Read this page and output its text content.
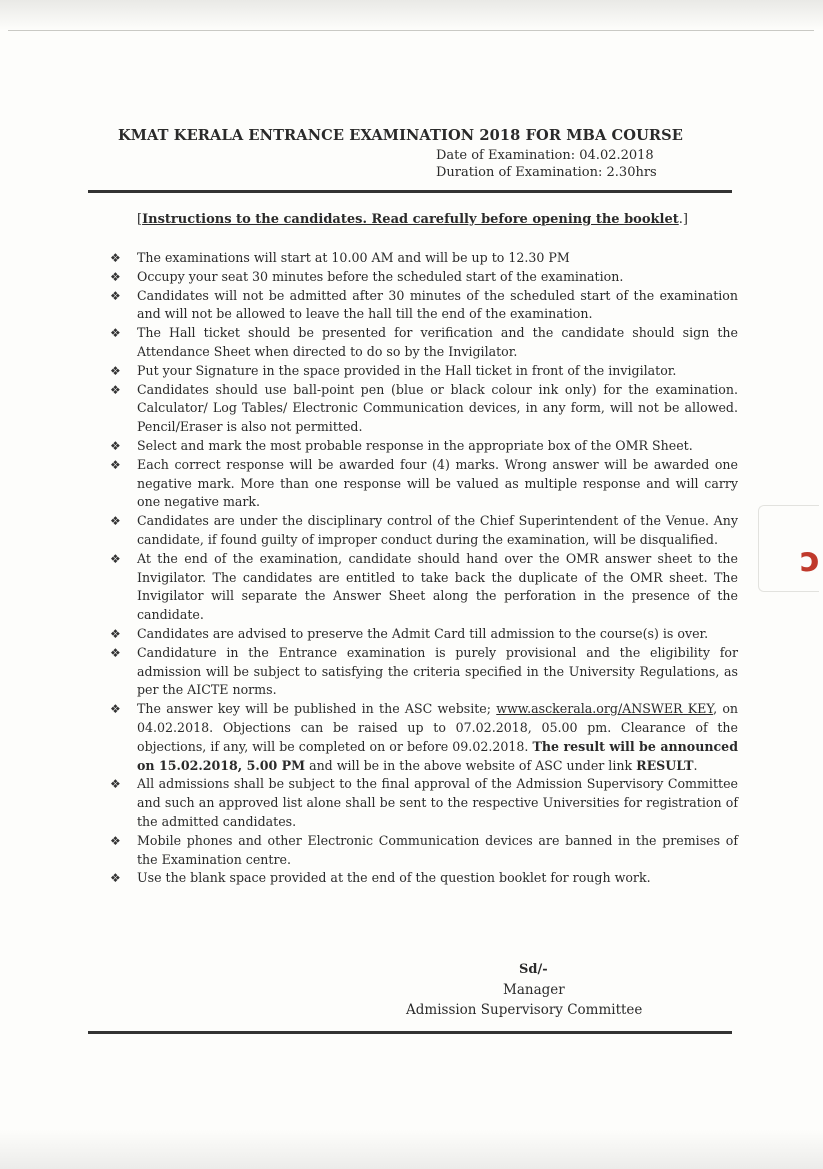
ɔ
KMAT KERALA ENTRANCE EXAMINATION 2018 FOR MBA COURSE
Date of Examination: 04.02.2018
Duration of Examination: 2.30hrs
[Instructions to the candidates. Read carefully before opening the booklet.]
❖ The examinations will start at 10.00 AM and will be up to 12.30 PM
❖ Occupy your seat 30 minutes before the scheduled start of the examination.
❖ Candidates will not be admitted after 30 minutes of the scheduled start of the examination and will not be allowed to leave the hall till the end of the examination.
❖ The Hall ticket should be presented for verification and the candidate should sign the Attendance Sheet when directed to do so by the Invigilator.
❖ Put your Signature in the space provided in the Hall ticket in front of the invigilator.
❖ Candidates should use ball-point pen (blue or black colour ink only) for the examination. Calculator/ Log Tables/ Electronic Communication devices, in any form, will not be allowed. Pencil/Eraser is also not permitted.
❖ Select and mark the most probable response in the appropriate box of the OMR Sheet.
❖ Each correct response will be awarded four (4) marks. Wrong answer will be awarded one negative mark. More than one response will be valued as multiple response and will carry one negative mark.
❖ Candidates are under the disciplinary control of the Chief Superintendent of the Venue. Any candidate, if found guilty of improper conduct during the examination, will be disqualified.
❖ At the end of the examination, candidate should hand over the OMR answer sheet to the Invigilator. The candidates are entitled to take back the duplicate of the OMR sheet. The Invigilator will separate the Answer Sheet along the perforation in the presence of the candidate.
❖ Candidates are advised to preserve the Admit Card till admission to the course(s) is over.
❖ Candidature in the Entrance examination is purely provisional and the eligibility for admission will be subject to satisfying the criteria specified in the University Regulations, as per the AICTE norms.
❖ The answer key will be published in the ASC website; www.asckerala.org/ANSWER KEY, on 04.02.2018. Objections can be raised up to 07.02.2018, 05.00 pm. Clearance of the objections, if any, will be completed on or before 09.02.2018. The result will be announced on 15.02.2018, 5.00 PM and will be in the above website of ASC under link RESULT.
❖ All admissions shall be subject to the final approval of the Admission Supervisory Committee and such an approved list alone shall be sent to the respective Universities for registration of the admitted candidates.
❖ Mobile phones and other Electronic Communication devices are banned in the premises of the Examination centre.
❖ Use the blank space provided at the end of the question booklet for rough work.
Sd/-
Manager
Admission Supervisory Committee
